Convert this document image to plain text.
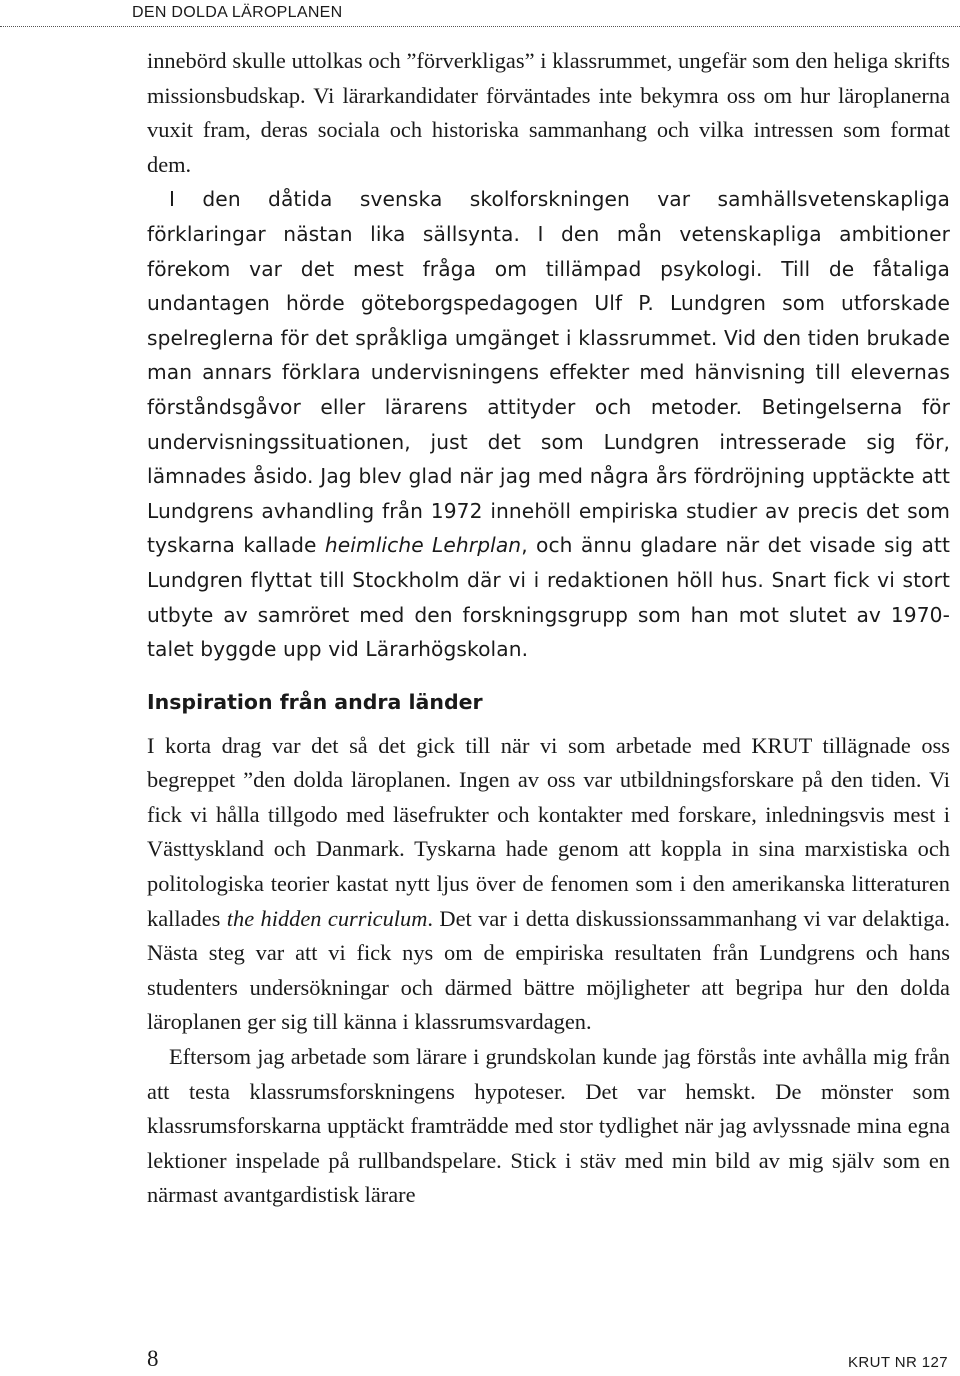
DEN DOLDA LÄROPLANEN

innebörd skulle uttolkas och ”förverkligas” i klassrummet, ungefär som den heliga skrifts missionsbudskap. Vi lärarkandidater förväntades inte bekymra oss om hur läroplanerna vuxit fram, deras sociala och historiska sammanhang och vilka intressen som format dem.

I den dåtida svenska skolforskningen var samhällsvetenskapliga förklaringar nästan lika sällsynta. I den mån vetenskapliga ambitioner förekom var det mest fråga om tillämpad psykologi. Till de fåtaliga undantagen hörde göteborgspedagogen Ulf P. Lundgren som utforskade spelreglerna för det språkliga umgänget i klassrummet. Vid den tiden brukade man annars förklara undervisningens effekter med hänvisning till elevernas förståndsgåvor eller lärarens attityder och metoder. Betingelserna för undervisningssituationen, just det som Lundgren intresserade sig för, lämnades åsido. Jag blev glad när jag med några års fördröjning upptäckte att Lundgrens avhandling från 1972 innehöll empiriska studier av precis det som tyskarna kallade heimliche Lehrplan, och ännu gladare när det visade sig att Lundgren flyttat till Stockholm där vi i redaktionen höll hus. Snart fick vi stort utbyte av samröret med den forskningsgrupp som han mot slutet av 1970-talet byggde upp vid Lärarhögskolan.

Inspiration från andra länder

I korta drag var det så det gick till när vi som arbetade med KRUT tillägnade oss begreppet ”den dolda läroplanen. Ingen av oss var utbildningsforskare på den tiden. Vi fick vi hålla tillgodo med läsefrukter och kontakter med forskare, inledningsvis mest i Västtyskland och Danmark. Tyskarna hade genom att koppla in sina marxistiska och politologiska teorier kastat nytt ljus över de fenomen som i den amerikanska litteraturen kallades the hidden curriculum. Det var i detta diskussionssammanhang vi var delaktiga. Nästa steg var att vi fick nys om de empiriska resultaten från Lundgrens och hans studenters undersökningar och därmed bättre möjligheter att begripa hur den dolda läroplanen ger sig till känna i klassrumsvardagen.

Eftersom jag arbetade som lärare i grundskolan kunde jag förstås inte avhålla mig från att testa klassrumsforskningens hypoteser. Det var hemskt. De mönster som klassrumsforskarna upptäckt framträdde med stor tydlighet när jag avlyssnade mina egna lektioner inspelade på rullbandspelare. Stick i stäv med min bild av mig själv som en närmast avantgardistisk lärare

8	KRUT NR 127
